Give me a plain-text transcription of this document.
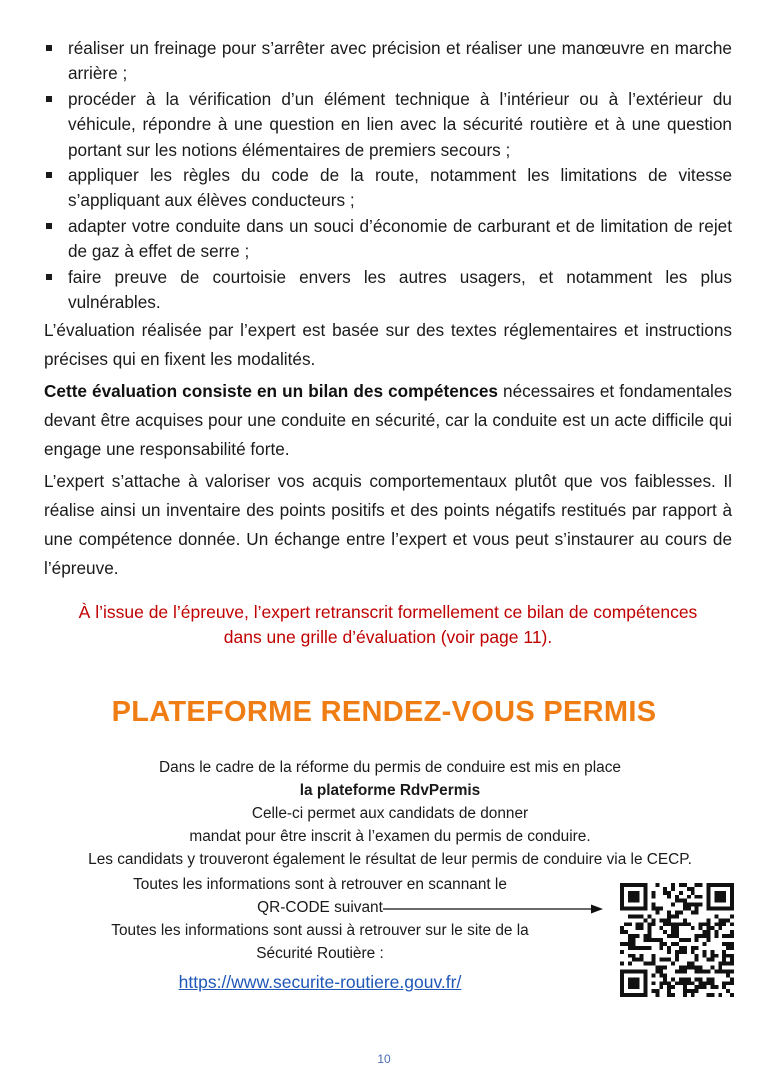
réaliser un freinage pour s’arrêter avec précision et réaliser une manœuvre en marche arrière ;
procéder à la vérification d’un élément technique à l’intérieur ou à l’extérieur du véhicule, répondre à une question en lien avec la sécurité routière et à une question portant sur les notions élémentaires de premiers secours ;
appliquer les règles du code de la route, notamment les limitations de vitesse s’appliquant aux élèves conducteurs ;
adapter votre conduite dans un souci d’économie de carburant et de limitation de rejet de gaz à effet de serre ;
faire preuve de courtoisie envers les autres usagers, et notamment les plus vulnérables.

L’évaluation réalisée par l’expert est basée sur des textes réglementaires et instructions précises qui en fixent les modalités.

Cette évaluation consiste en un bilan des compétences nécessaires et fondamentales devant être acquises pour une conduite en sécurité, car la conduite est un acte difficile qui engage une responsabilité forte.

L’expert s’attache à valoriser vos acquis comportementaux plutôt que vos faiblesses. Il réalise ainsi un inventaire des points positifs et des points négatifs restitués par rapport à une compétence donnée. Un échange entre l’expert et vous peut s’instaurer au cours de l’épreuve.

À l’issue de l’épreuve, l’expert retranscrit formellement ce bilan de compétences
dans une grille d’évaluation (voir page 11).
PLATEFORME RENDEZ-VOUS PERMIS
Dans le cadre de la réforme du permis de conduire est mis en place
la plateforme RdvPermis
Celle-ci permet aux candidats de donner
mandat pour être inscrit à l’examen du permis de conduire.
Les candidats y trouveront également le résultat de leur permis de conduire via le CECP.
Toutes les informations sont à retrouver en scannant le
QR-CODE suivant
Toutes les informations sont aussi à retrouver sur le site de la
Sécurité Routière :
https://www.securite-routiere.gouv.fr/
10
